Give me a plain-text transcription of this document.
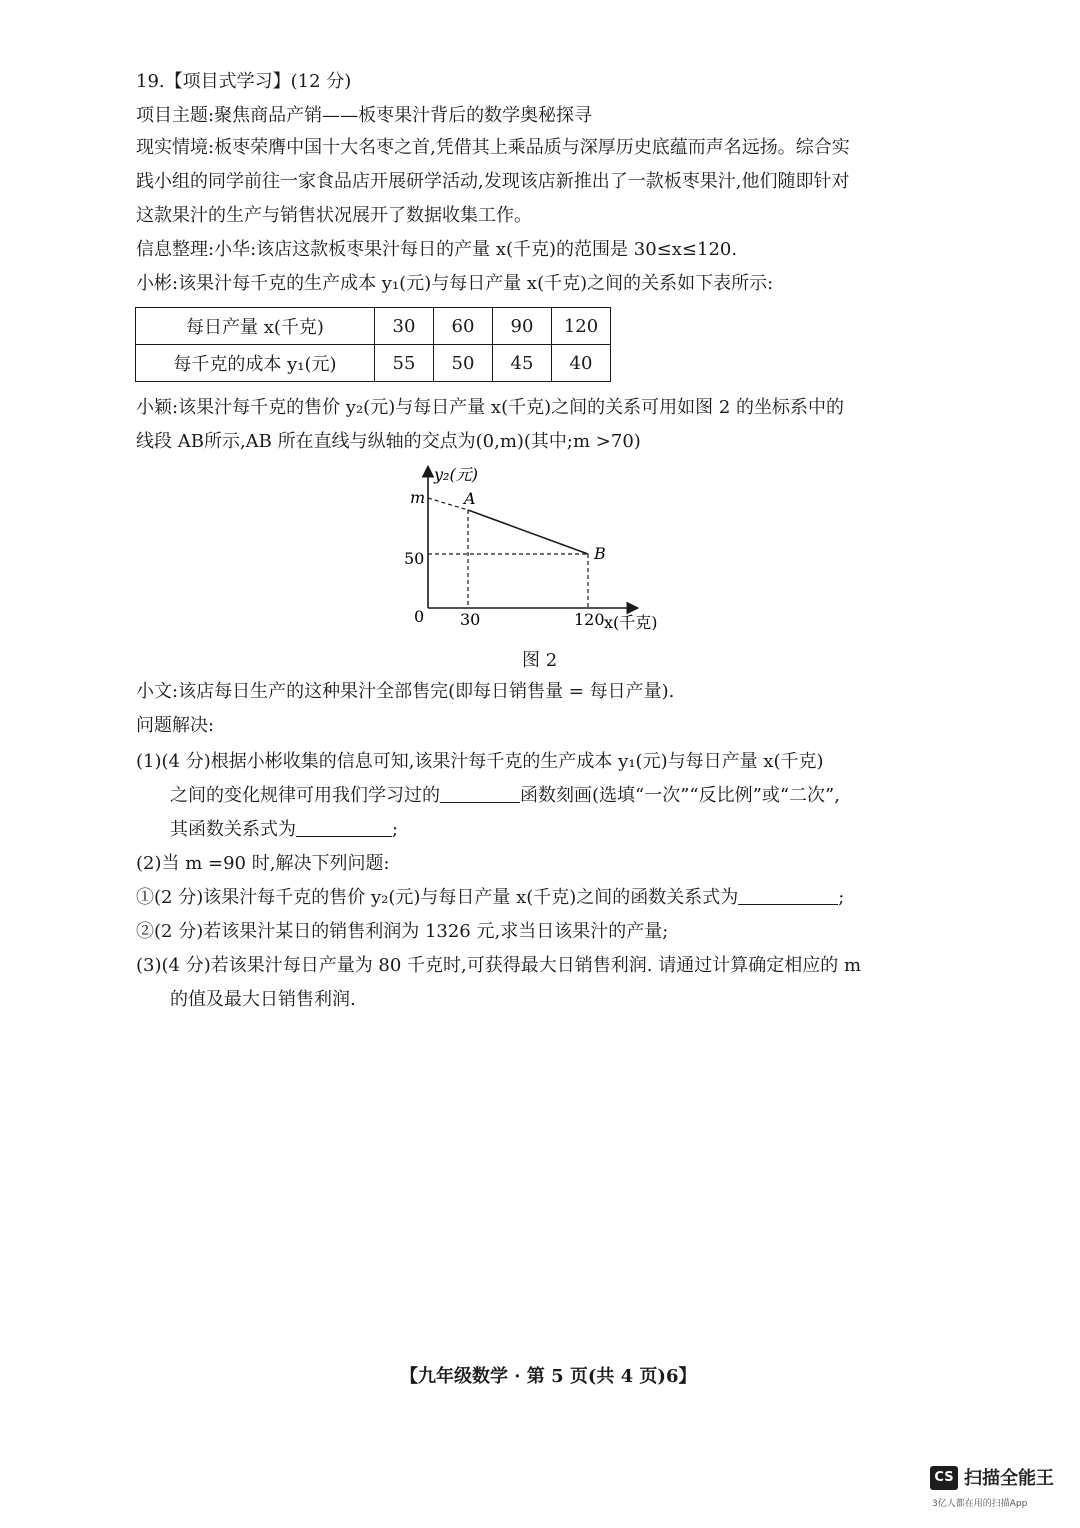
19.【项目式学习】(12 分)
项目主题:聚焦商品产销——板枣果汁背后的数学奥秘探寻
现实情境:板枣荣膺中国十大名枣之首,凭借其上乘品质与深厚历史底蕴而声名远扬。综合实
践小组的同学前往一家食品店开展研学活动,发现该店新推出了一款板枣果汁,他们随即针对
这款果汁的生产与销售状况展开了数据收集工作。
信息整理:小华:该店这款板枣果汁每日的产量 x(千克)的范围是 30≤x≤120.
小彬:该果汁每千克的生产成本 y₁(元)与每日产量 x(千克)之间的关系如下表所示:
每日产量 x(千克)	30	60	90	120
每千克的成本 y₁(元)	55	50	45	40
小颖:该果汁每千克的售价 y₂(元)与每日产量 x(千克)之间的关系可用如图 2 的坐标系中的
线段 AB所示,AB 所在直线与纵轴的交点为(0,m)(其中;m >70)
y₂(元)
m
50
0 30	120 x(千克)
A
B
图 2
小文:该店每日生产的这种果汁全部售完(即每日销售量 = 每日产量).
问题解决:
(1)(4 分)根据小彬收集的信息可知,该果汁每千克的生产成本 y₁(元)与每日产量 x(千克)
之间的变化规律可用我们学习过的	函数刻画(选填“一次”“反比例”或“二次”,
其函数关系式为	;
(2)当 m =90 时,解决下列问题:
①(2 分)该果汁每千克的售价 y₂(元)与每日产量 x(千克)之间的函数关系式为	;
②(2 分)若该果汁某日的销售利润为 1326 元,求当日该果汁的产量;
(3)(4 分)若该果汁每日产量为 80 千克时,可获得最大日销售利润. 请通过计算确定相应的 m
的值及最大日销售利润.
【九年级数学 · 第 5 页(共 4 页)6】
CS 扫描全能王
3亿人都在用的扫描App
